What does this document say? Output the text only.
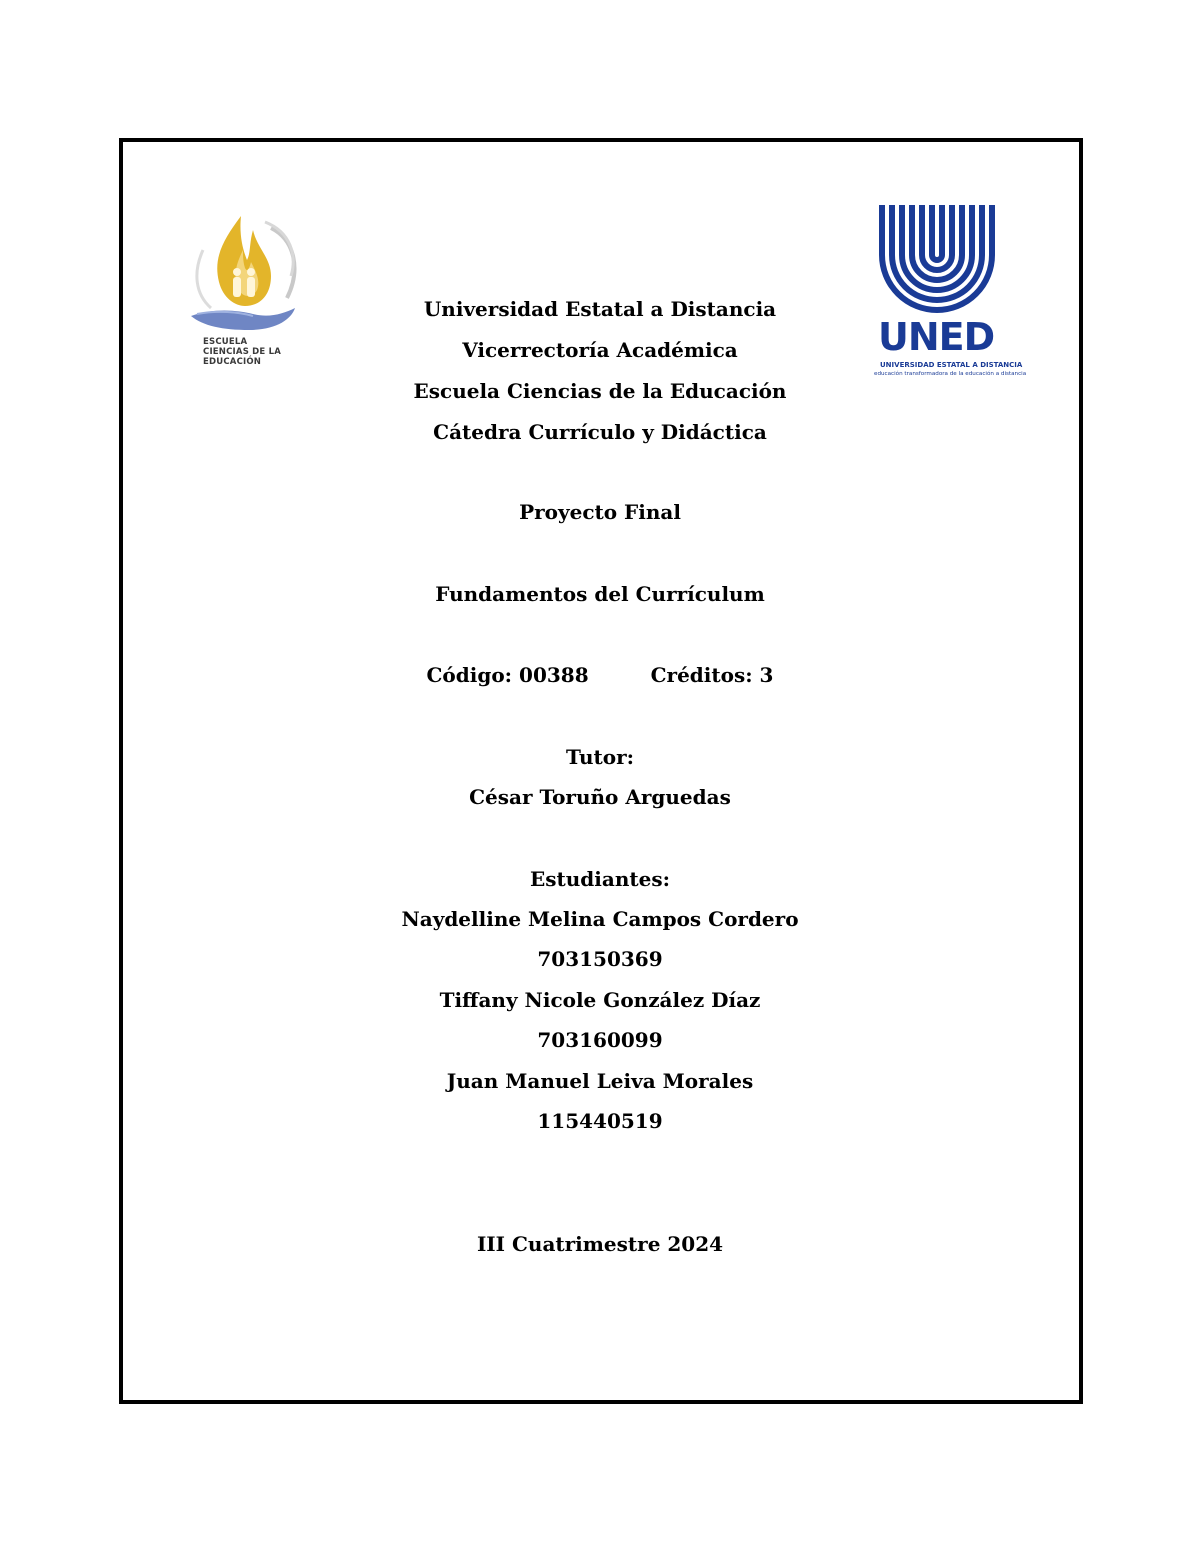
ESCUELA CIENCIAS DE LA EDUCACIÓN
UNED
UNIVERSIDAD ESTATAL A DISTANCIA
educación transformadora de la educación a distancia
Universidad Estatal a Distancia
Vicerrectoría Académica
Escuela Ciencias de la Educación
Cátedra Currículo y Didáctica
Proyecto Final
Fundamentos del Currículum
Código: 00388	Créditos: 3
Tutor:
César Toruño Arguedas
Estudiantes:
Naydelline Melina Campos Cordero
703150369
Tiffany Nicole González Díaz
703160099
Juan Manuel Leiva Morales
115440519
III Cuatrimestre 2024
